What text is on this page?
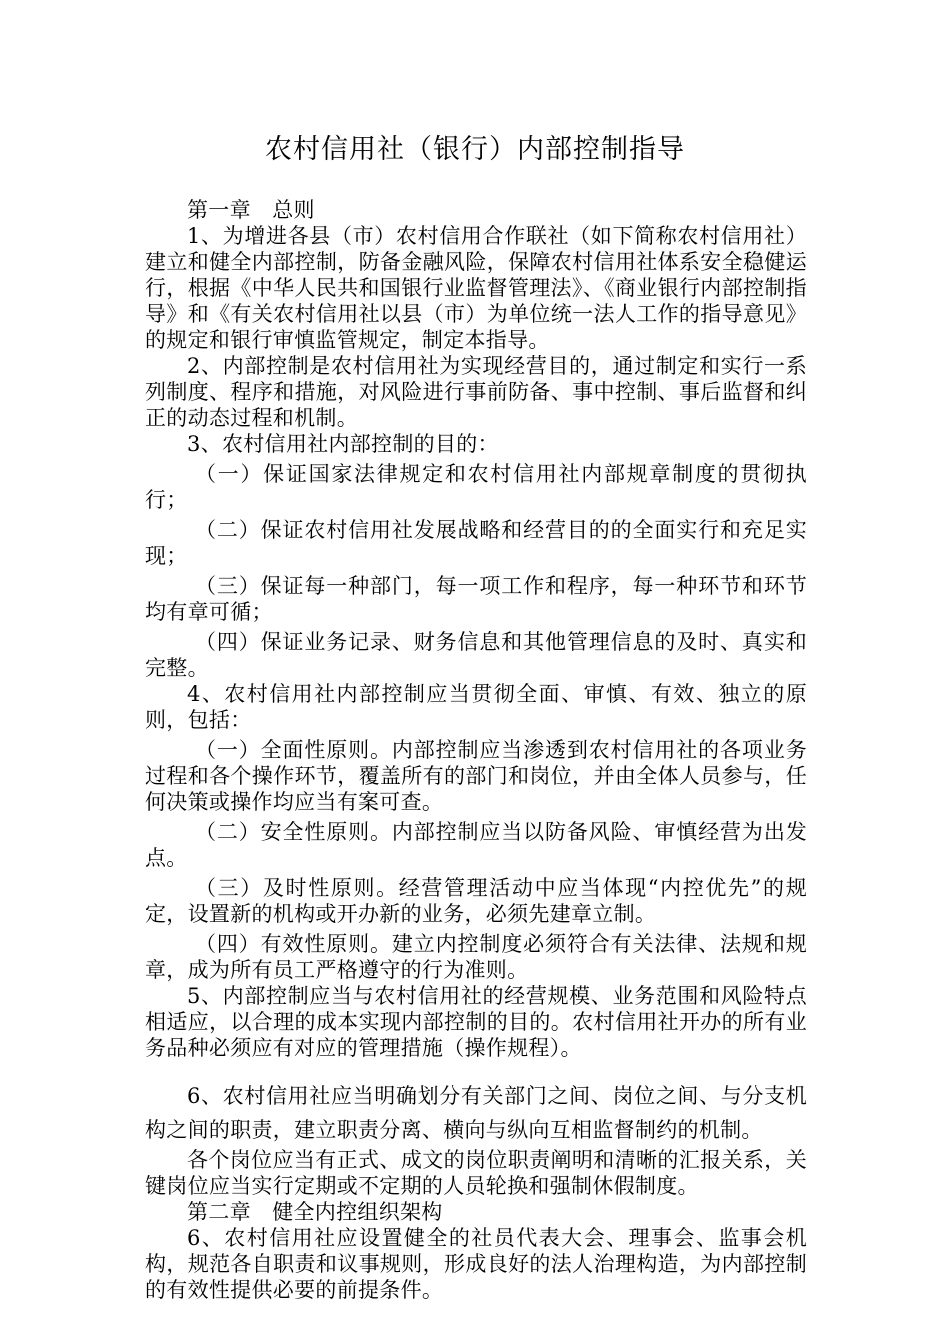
农村信用社（银行）内部控制指导

第一章　总则

1、为增进各县（市）农村信用合作联社（如下简称农村信用社）建立和健全内部控制，防备金融风险，保障农村信用社体系安全稳健运行，根据《中华人民共和国银行业监督管理法》、《商业银行内部控制指导》和《有关农村信用社以县（市）为单位统一法人工作的指导意见》的规定和银行审慎监管规定，制定本指导。

2、内部控制是农村信用社为实现经营目的，通过制定和实行一系列制度、程序和措施，对风险进行事前防备、事中控制、事后监督和纠正的动态过程和机制。

3、农村信用社内部控制的目的：

（一）保证国家法律规定和农村信用社内部规章制度的贯彻执行；

（二）保证农村信用社发展战略和经营目的的全面实行和充足实现；

（三）保证每一种部门，每一项工作和程序，每一种环节和环节均有章可循；

（四）保证业务记录、财务信息和其他管理信息的及时、真实和完整。

4、农村信用社内部控制应当贯彻全面、审慎、有效、独立的原则，包括：

（一）全面性原则。内部控制应当渗透到农村信用社的各项业务过程和各个操作环节，覆盖所有的部门和岗位，并由全体人员参与，任何决策或操作均应当有案可查。

（二）安全性原则。内部控制应当以防备风险、审慎经营为出发点。

（三）及时性原则。经营管理活动中应当体现“内控优先”的规定，设置新的机构或开办新的业务，必须先建章立制。

（四）有效性原则。建立内控制度必须符合有关法律、法规和规章，成为所有员工严格遵守的行为准则。

5、内部控制应当与农村信用社的经营规模、业务范围和风险特点相适应，以合理的成本实现内部控制的目的。农村信用社开办的所有业务品种必须应有对应的管理措施（操作规程）。

6、农村信用社应当明确划分有关部门之间、岗位之间、与分支机构之间的职责，建立职责分离、横向与纵向互相监督制约的机制。

各个岗位应当有正式、成文的岗位职责阐明和清晰的汇报关系，关键岗位应当实行定期或不定期的人员轮换和强制休假制度。

第二章　健全内控组织架构

6、农村信用社应设置健全的社员代表大会、理事会、监事会机构，规范各自职责和议事规则，形成良好的法人治理构造，为内部控制的有效性提供必要的前提条件。
